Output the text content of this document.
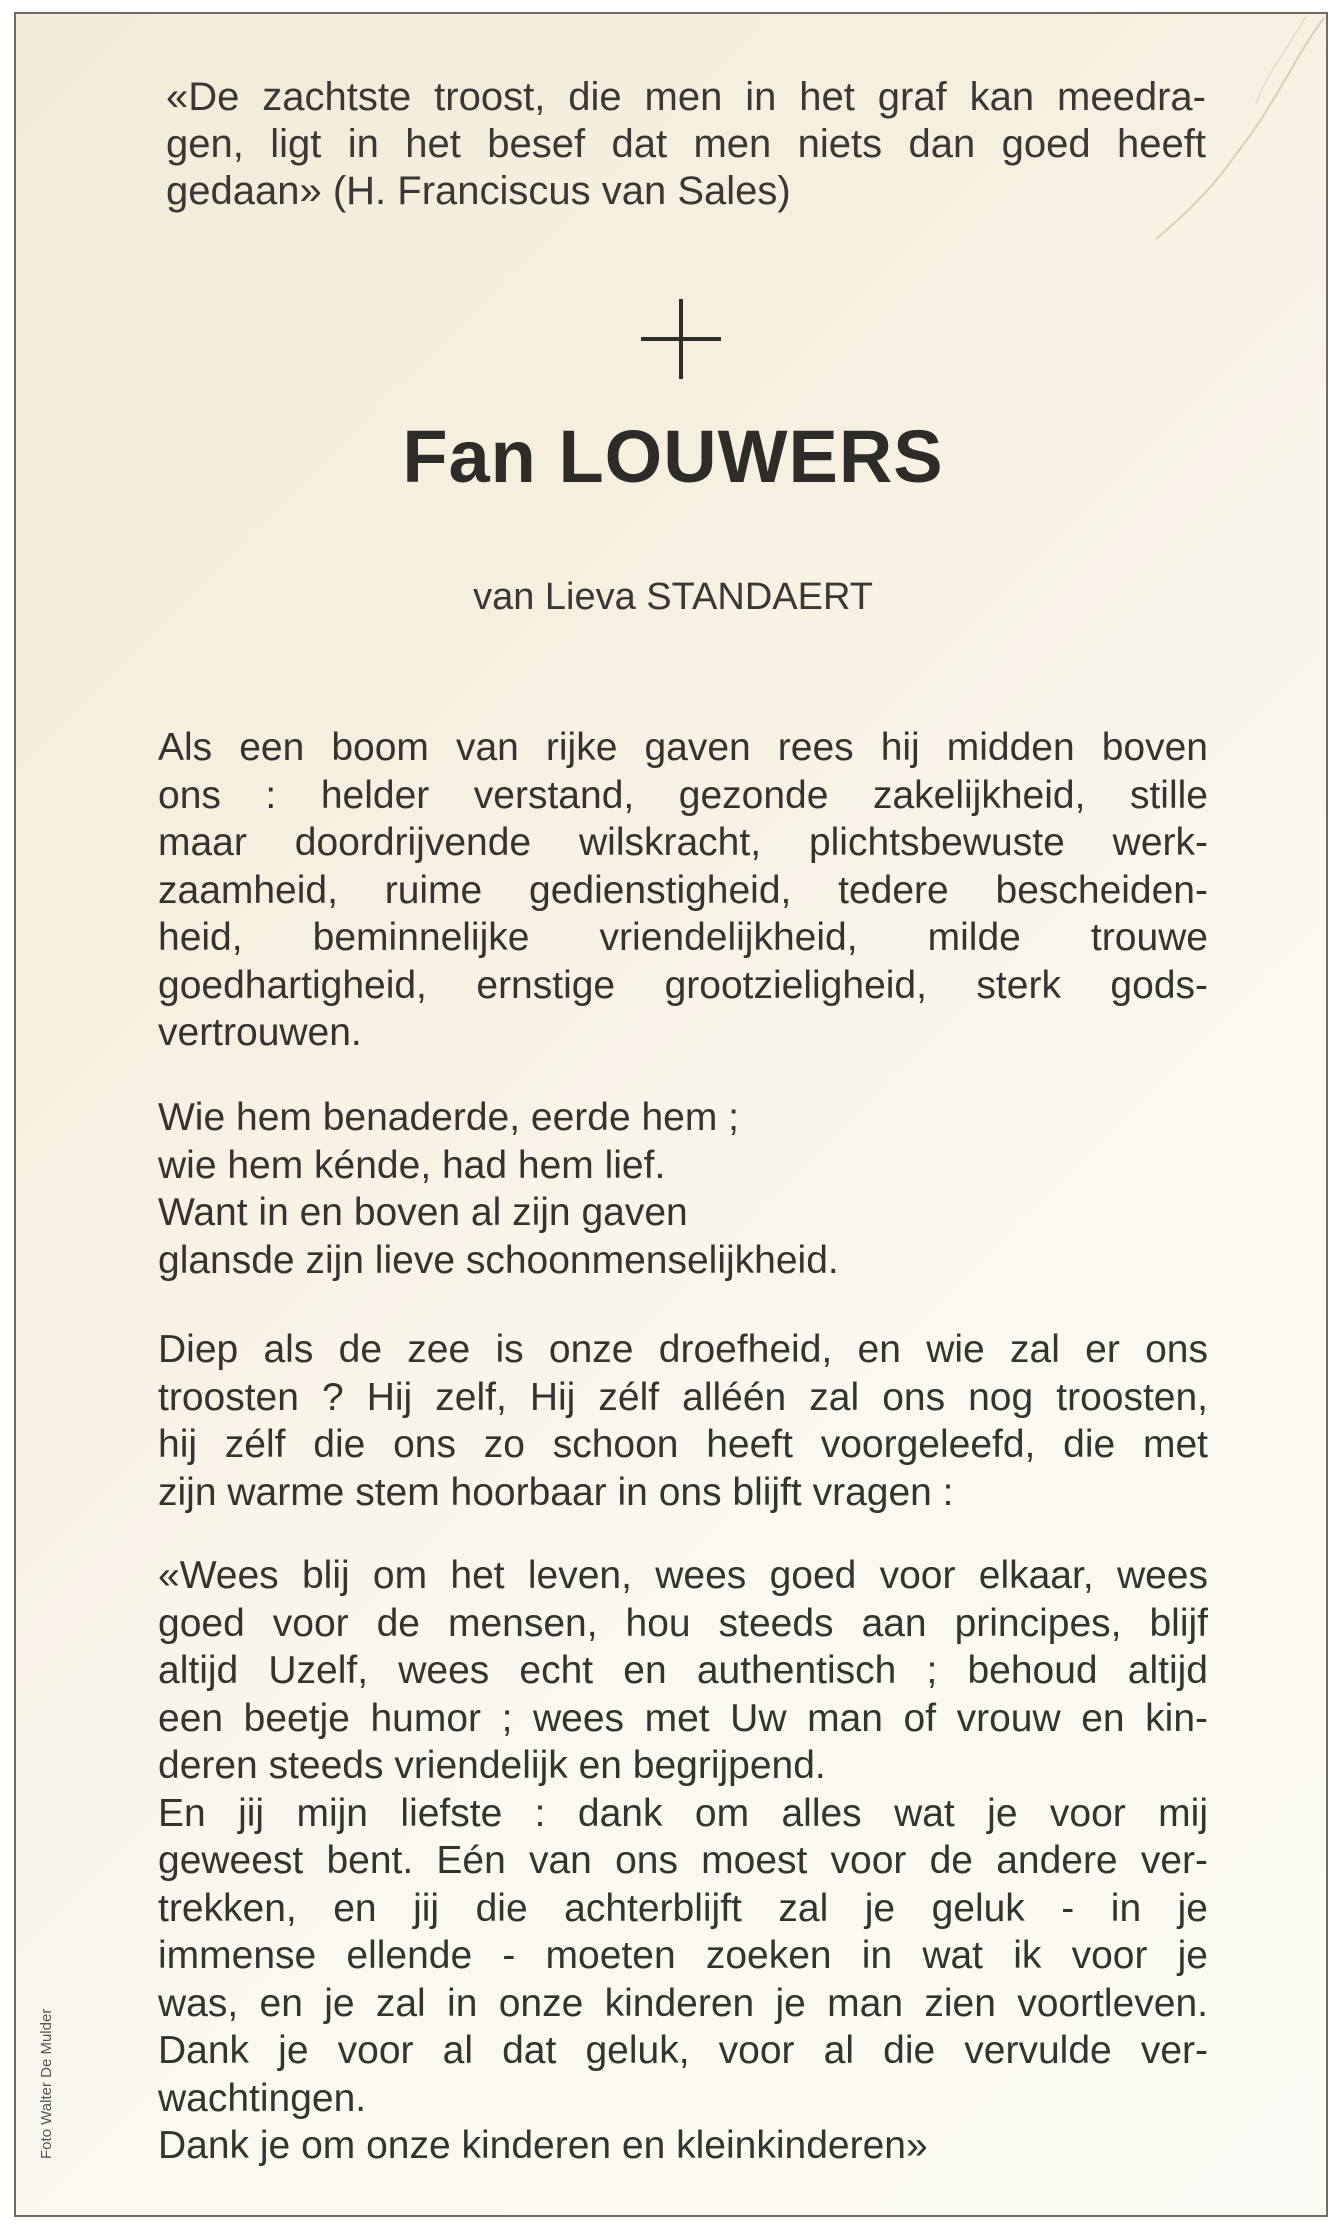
«De zachtste troost, die men in het graf kan meedra-
gen, ligt in het besef dat men niets dan goed heeft
gedaan» (H. Franciscus van Sales)
Fan LOUWERS

van Lieva STANDAERT

Als een boom van rijke gaven rees hij midden boven
ons : helder verstand, gezonde zakelijkheid, stille
maar doordrijvende wilskracht, plichtsbewuste werk-
zaamheid, ruime gedienstigheid, tedere bescheiden-
heid, beminnelijke vriendelijkheid, milde trouwe
goedhartigheid, ernstige grootzieligheid, sterk gods-
vertrouwen.
Wie hem benaderde, eerde hem ;
wie hem kénde, had hem lief.
Want in en boven al zijn gaven
glansde zijn lieve schoonmenselijkheid.
Diep als de zee is onze droefheid, en wie zal er ons
troosten ? Hij zelf, Hij zélf alléén zal ons nog troosten,
hij zélf die ons zo schoon heeft voorgeleefd, die met
zijn warme stem hoorbaar in ons blijft vragen :
«Wees blij om het leven, wees goed voor elkaar, wees
goed voor de mensen, hou steeds aan principes, blijf
altijd Uzelf, wees echt en authentisch ; behoud altijd
een beetje humor ; wees met Uw man of vrouw en kin-
deren steeds vriendelijk en begrijpend.
En jij mijn liefste : dank om alles wat je voor mij
geweest bent. Eén van ons moest voor de andere ver-
trekken, en jij die achterblijft zal je geluk - in je
immense ellende - moeten zoeken in wat ik voor je
was, en je zal in onze kinderen je man zien voortleven.
Dank je voor al dat geluk, voor al die vervulde ver-
wachtingen.
Dank je om onze kinderen en kleinkinderen»
Foto Walter De Mulder
